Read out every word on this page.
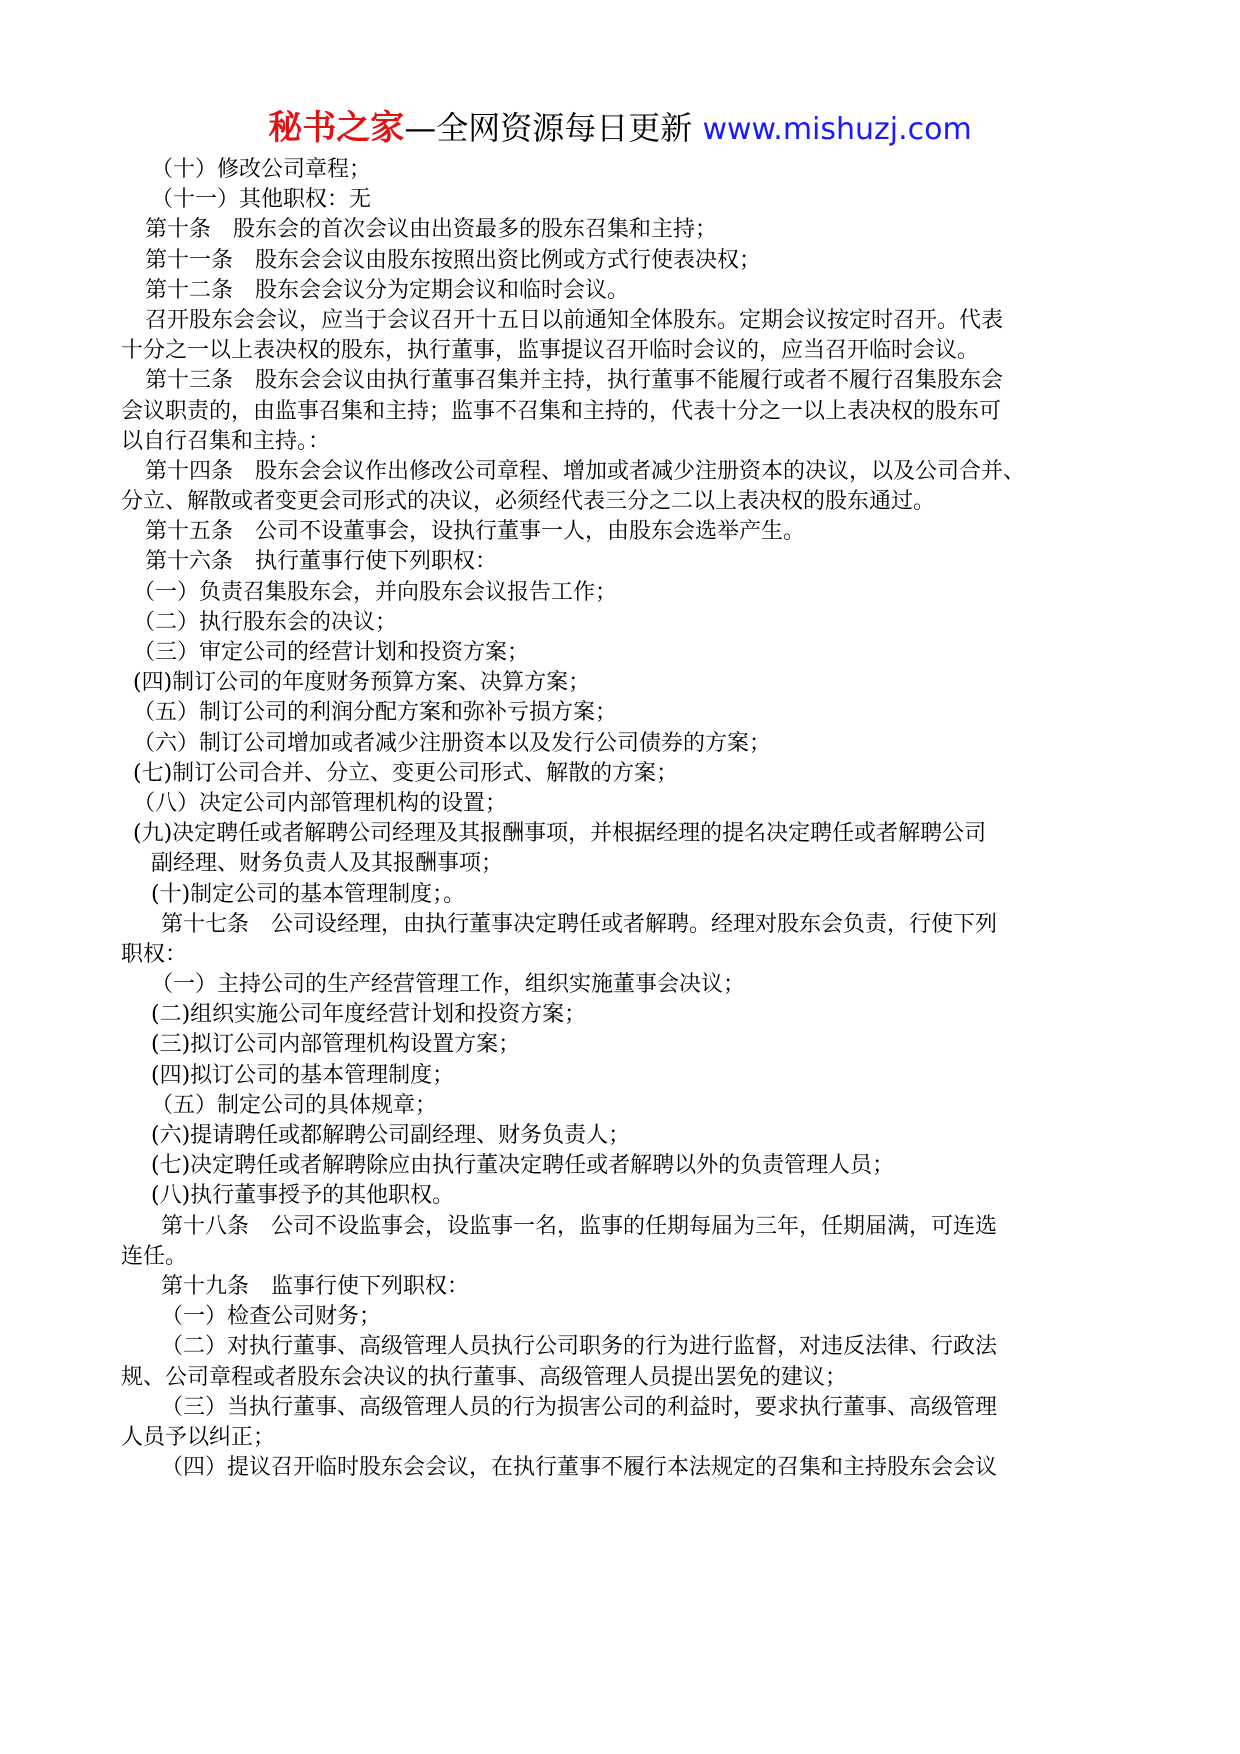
秘书之家—全网资源每日更新 www.mishuzj.com
（十）修改公司章程；
（十一）其他职权：无
第十条　股东会的首次会议由出资最多的股东召集和主持；
第十一条　股东会会议由股东按照出资比例或方式行使表决权；
第十二条　股东会会议分为定期会议和临时会议。
召开股东会会议，应当于会议召开十五日以前通知全体股东。定期会议按定时召开。代表
十分之一以上表决权的股东，执行董事，监事提议召开临时会议的，应当召开临时会议。
第十三条　股东会会议由执行董事召集并主持，执行董事不能履行或者不履行召集股东会
会议职责的，由监事召集和主持；监事不召集和主持的，代表十分之一以上表决权的股东可
以自行召集和主持。：
第十四条　股东会会议作出修改公司章程、增加或者减少注册资本的决议，以及公司合并、
分立、解散或者变更会司形式的决议，必须经代表三分之二以上表决权的股东通过。
第十五条　公司不设董事会，设执行董事一人，由股东会选举产生。
第十六条　执行董事行使下列职权：
（一）负责召集股东会，并向股东会议报告工作；
（二）执行股东会的决议；
（三）审定公司的经营计划和投资方案；
(四)制订公司的年度财务预算方案、决算方案；
（五）制订公司的利润分配方案和弥补亏损方案；
（六）制订公司增加或者减少注册资本以及发行公司债券的方案；
(七)制订公司合并、分立、变更公司形式、解散的方案；
（八）决定公司内部管理机构的设置；
(九)决定聘任或者解聘公司经理及其报酬事项，并根据经理的提名决定聘任或者解聘公司
副经理、财务负责人及其报酬事项；
(十)制定公司的基本管理制度；。
第十七条　公司设经理，由执行董事决定聘任或者解聘。经理对股东会负责，行使下列
职权：
（一）主持公司的生产经营管理工作，组织实施董事会决议；
(二)组织实施公司年度经营计划和投资方案；
(三)拟订公司内部管理机构设置方案；
(四)拟订公司的基本管理制度；
（五）制定公司的具体规章；
(六)提请聘任或都解聘公司副经理、财务负责人；
(七)决定聘任或者解聘除应由执行董决定聘任或者解聘以外的负责管理人员；
(八)执行董事授予的其他职权。
第十八条　公司不设监事会，设监事一名，监事的任期每届为三年，任期届满，可连选
连任。
第十九条　监事行使下列职权：
（一）检查公司财务；
（二）对执行董事、高级管理人员执行公司职务的行为进行监督，对违反法律、行政法
规、公司章程或者股东会决议的执行董事、高级管理人员提出罢免的建议；
（三）当执行董事、高级管理人员的行为损害公司的利益时，要求执行董事、高级管理
人员予以纠正；
（四）提议召开临时股东会会议，在执行董事不履行本法规定的召集和主持股东会会议
